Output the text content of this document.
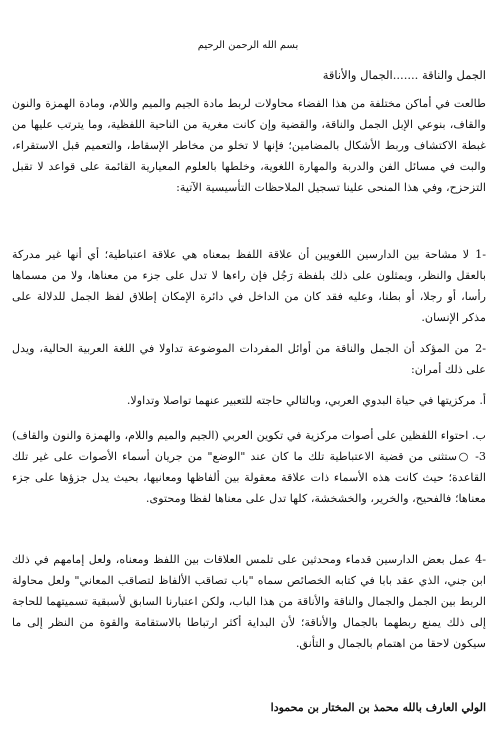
بسم الله الرحمن الرحيم
الجمل والناقة .......الجمال والأناقة

طالعت في أماكن مختلفة من هذا الفضاء محاولات لربط مادة الجيم والميم واللام، ومادة الهمزة والنون والقاف، بنوعي الإبل الجمل والناقة، والقضية وإن كانت مغرية من الناحية اللفظية، وما يترتب عليها من غبطة الاكتشاف وربط الأشكال بالمضامين؛ فإنها لا تخلو من مخاطر الإسقاط، والتعميم قبل الاستقراء، والبت في مسائل الفن والدربة والمهارة اللغوية، وخلطها بالعلوم المعيارية القائمة على قواعد لا تقبل التزحزح، وفي هذا المنحى علينا تسجيل الملاحظات التأسيسية الآتية:

-1لا مشاحة بين الدارسين اللغويين أن علاقة اللفظ بمعناه هي علاقة اعتباطية؛ أي أنها غير مدركة بالعقل والنظر، ويمثلون على ذلك بلفظة رَجُل فإن راءها لا تدل على جزء من معناها، ولا من مسماها رأسا، أو رجلا، أو بطنا، وعليه فقد كان من الداخل في دائرة الإمكان إطلاق لفظ الجمل للدلالة على مذكر الإنسان.

-2من المؤكد أن الجمل والناقة من أوائل المفردات الموضوعة تداولا في اللغة العربية الحالية، ويدل على ذلك أمران:

أ. مركزيتها في حياة البدوي العربي، وبالتالي حاجته للتعبير عنهما تواصلا وتداولا.

ب. احتواء اللفظين على أصوات مركزية في تكوين العربي (الجيم والميم واللام، والهمزة والنون والقاف) 3- ○ستثنى من قضية الاعتباطية تلك ما كان عند "الوضع" من جريان أسماء الأصوات على غير تلك القاعدة؛ حيث كانت هذه الأسماء ذات علاقة معقولة بين ألفاظها ومعانيها، بحيث يدل جزؤها على جزء معناها؛ فالفحيح، والخرير، والخشخشة، كلها تدل على معناها لفظا ومحتوى.

-4 عمل بعض الدارسين قدماء ومحدثين على تلمس العلاقات بين اللفظ ومعناه، ولعل إمامهم في ذلك ابن جني، الذي عقد بابا في كتابه الخصائص سماه "باب تصاقب الألفاظ لتصاقب المعاني" ولعل محاولة الربط بين الجمل والجمال والناقة والأناقة من هذا الباب، ولكن اعتبارنا السابق لأسبقية تسميتهما للحاجة إلى ذلك يمنع ربطهما بالجمال والأناقة؛ لأن البداية أكثر ارتباطا بالاستقامة والقوة من النظر إلى ما سيكون لاحقا من اهتمام بالجمال و التأنق.

الولي العارف بالله محمذ بن المختار بن محمودا
